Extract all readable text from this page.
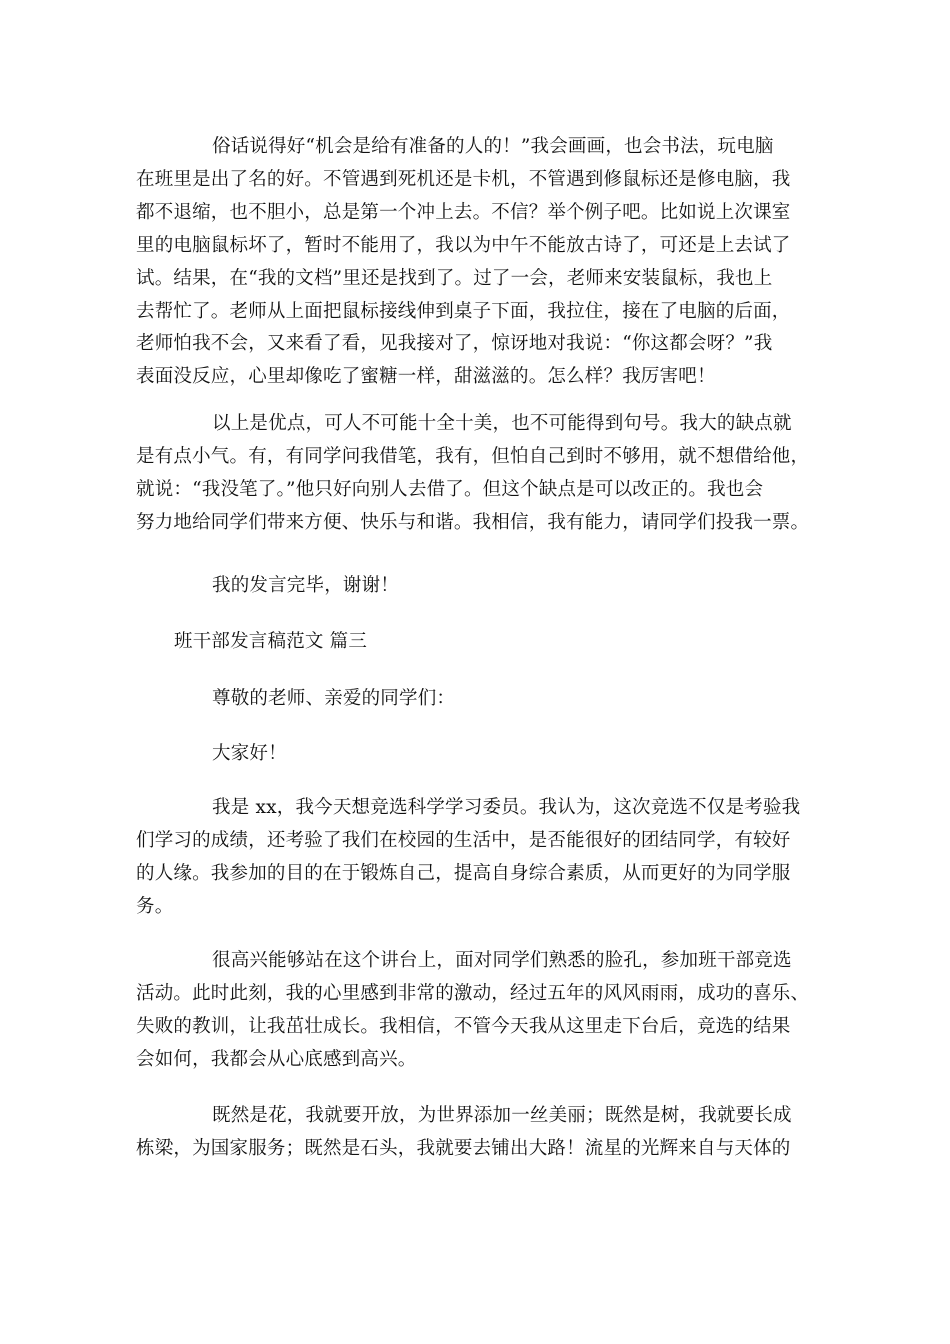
俗话说得好“机会是给有准备的人的！”我会画画，也会书法，玩电脑
在班里是出了名的好。不管遇到死机还是卡机，不管遇到修鼠标还是修电脑，我
都不退缩，也不胆小，总是第一个冲上去。不信？举个例子吧。比如说上次课室
里的电脑鼠标坏了，暂时不能用了，我以为中午不能放古诗了，可还是上去试了
试。结果，在“我的文档”里还是找到了。过了一会，老师来安装鼠标，我也上
去帮忙了。老师从上面把鼠标接线伸到桌子下面，我拉住，接在了电脑的后面，
老师怕我不会，又来看了看，见我接对了，惊讶地对我说：“你这都会呀？”我
表面没反应，心里却像吃了蜜糖一样，甜滋滋的。怎么样？我厉害吧！
以上是优点，可人不可能十全十美，也不可能得到句号。我大的缺点就
是有点小气。有，有同学问我借笔，我有，但怕自己到时不够用，就不想借给他，
就说：“我没笔了。”他只好向别人去借了。但这个缺点是可以改正的。我也会
努力地给同学们带来方便、快乐与和谐。我相信，我有能力，请同学们投我一票。
我的发言完毕，谢谢！
班干部发言稿范文 篇三
尊敬的老师、亲爱的同学们：
大家好！
我是 xx，我今天想竞选科学学习委员。我认为，这次竞选不仅是考验我
们学习的成绩，还考验了我们在校园的生活中，是否能很好的团结同学，有较好
的人缘。我参加的目的在于锻炼自己，提高自身综合素质，从而更好的为同学服
务。
很高兴能够站在这个讲台上，面对同学们熟悉的脸孔，参加班干部竞选
活动。此时此刻，我的心里感到非常的激动，经过五年的风风雨雨，成功的喜乐、
失败的教训，让我茁壮成长。我相信，不管今天我从这里走下台后，竞选的结果
会如何，我都会从心底感到高兴。
既然是花，我就要开放，为世界添加一丝美丽；既然是树，我就要长成
栋梁，为国家服务；既然是石头，我就要去铺出大路！流星的光辉来自与天体的
